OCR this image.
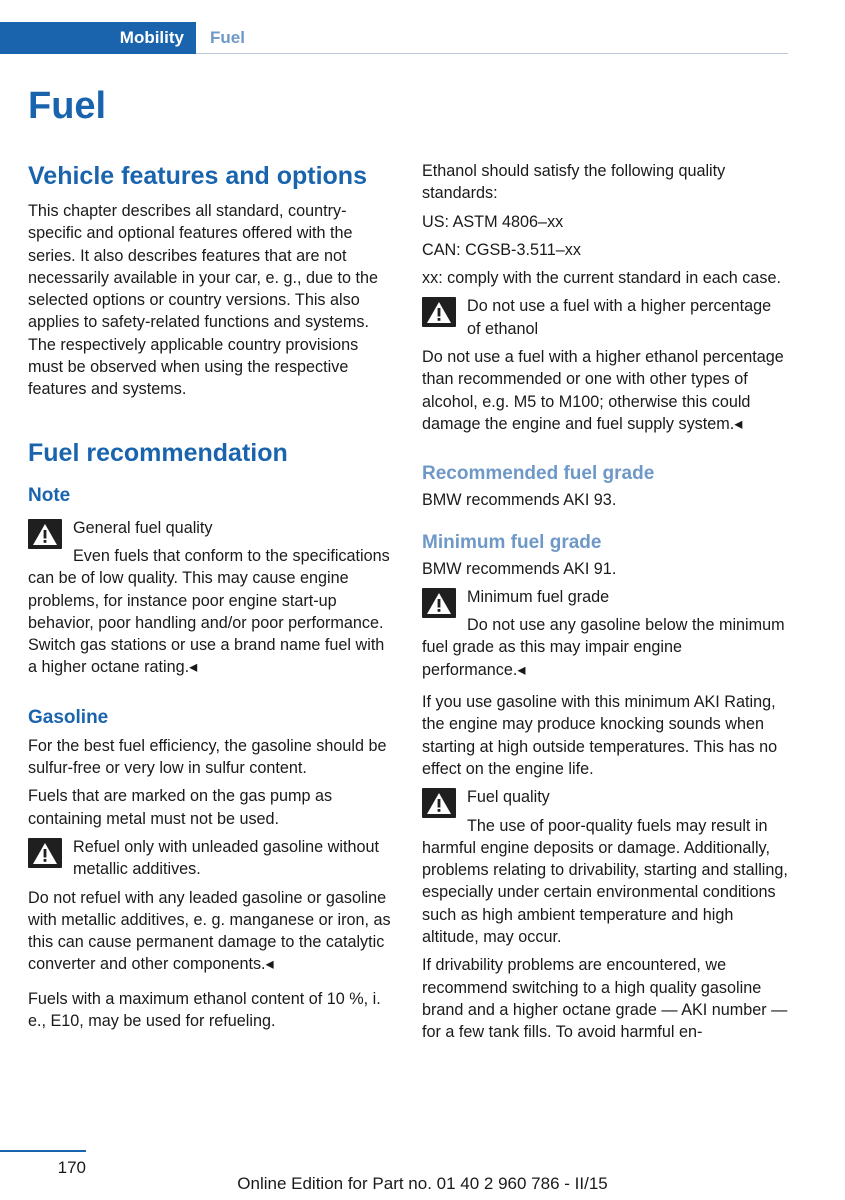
Mobility	Fuel
Fuel
Vehicle features and options

This chapter describes all standard, country-specific and optional features offered with the series. It also describes features that are not necessarily available in your car, e. g., due to the selected options or country versions. This also applies to safety-related functions and systems. The respectively applicable country provisions must be observed when using the respective features and systems.

Fuel recommendation
Note

General fuel quality

Even fuels that conform to the specifications can be of low quality. This may cause engine problems, for instance poor engine start-up behavior, poor handling and/or poor performance. Switch gas stations or use a brand name fuel with a higher octane rating.◂

Gasoline

For the best fuel efficiency, the gasoline should be sulfur-free or very low in sulfur content.

Fuels that are marked on the gas pump as containing metal must not be used.

Refuel only with unleaded gasoline without metallic additives.

Do not refuel with any leaded gasoline or gasoline with metallic additives, e. g. manganese or iron, as this can cause permanent damage to the catalytic converter and other components.◂

Fuels with a maximum ethanol content of 10 %, i. e., E10, may be used for refueling.

Ethanol should satisfy the following quality standards:

US: ASTM 4806–xx

CAN: CGSB-3.511–xx

xx: comply with the current standard in each case.

Do not use a fuel with a higher percentage of ethanol

Do not use a fuel with a higher ethanol percentage than recommended or one with other types of alcohol, e.g. M5 to M100; otherwise this could damage the engine and fuel supply system.◂

Recommended fuel grade

BMW recommends AKI 93.

Minimum fuel grade

BMW recommends AKI 91.

Minimum fuel grade

Do not use any gasoline below the minimum fuel grade as this may impair engine performance.◂

If you use gasoline with this minimum AKI Rating, the engine may produce knocking sounds when starting at high outside temperatures. This has no effect on the engine life.

Fuel quality

The use of poor-quality fuels may result in harmful engine deposits or damage. Additionally, problems relating to drivability, starting and stalling, especially under certain environmental conditions such as high ambient temperature and high altitude, may occur.

If drivability problems are encountered, we recommend switching to a high quality gasoline brand and a higher octane grade — AKI number — for a few tank fills. To avoid harmful en-

170
Online Edition for Part no. 01 40 2 960 786 - II/15
